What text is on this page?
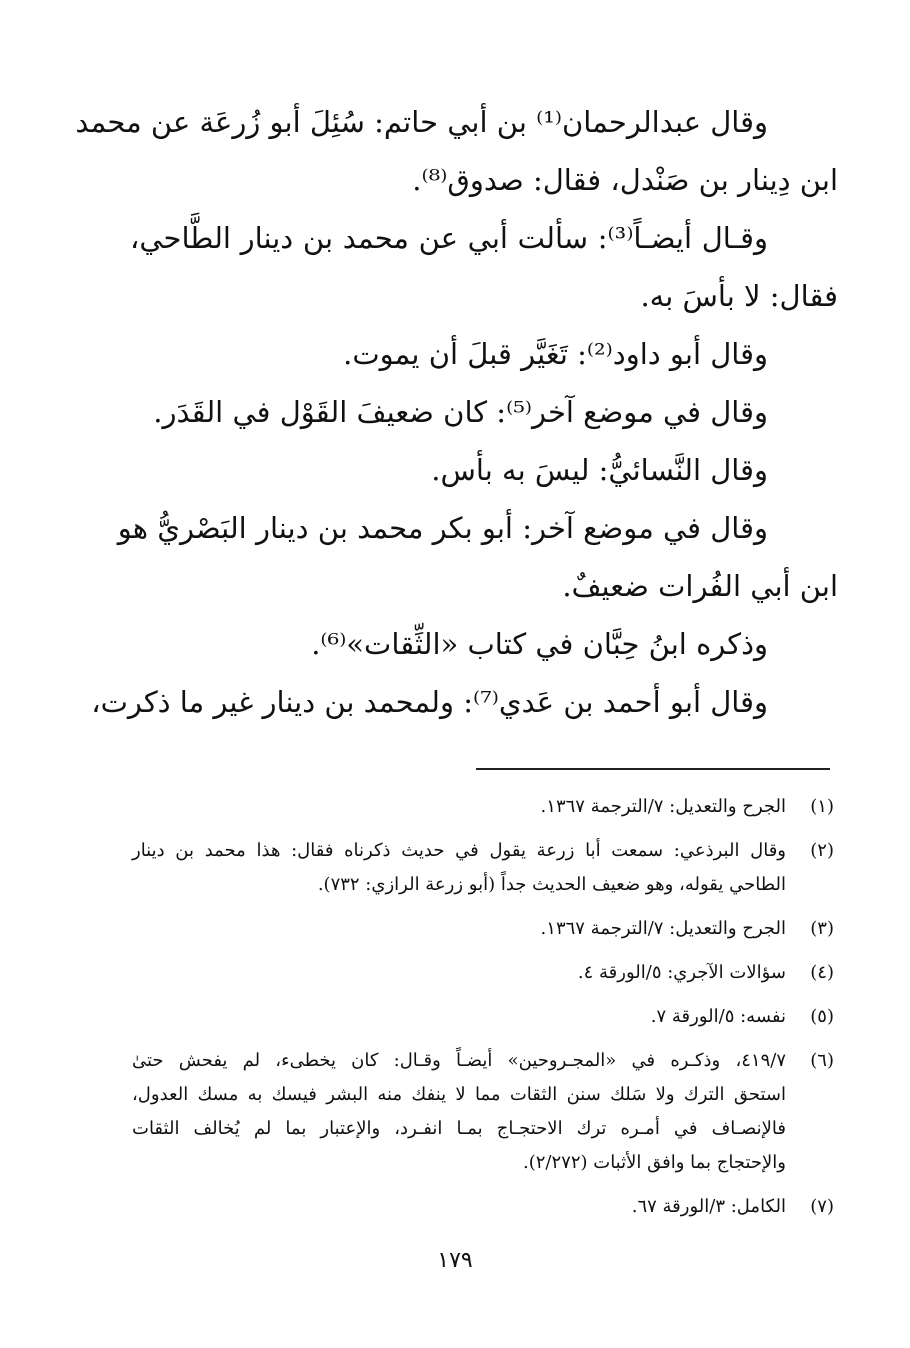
وقال عبدالرحمان⁽¹⁾ بن أبي حاتم: سُئِلَ أبو زُرعَة عن محمد
ابن دِينار بن صَنْدل، فقال: صدوق⁽⁸⁾.
وقـال أيضـاً⁽³⁾: سألت أبي عن محمد بن دينار الطَّاحي،
فقال: لا بأسَ به.
وقال أبو داود⁽²⁾: تَغَيَّر قبلَ أن يموت.
وقال في موضع آخر⁽⁵⁾: كان ضعيفَ القَوْل في القَدَر.
وقال النَّسائيُّ: ليسَ به بأس.
وقال في موضع آخر: أبو بكر محمد بن دينار البَصْريُّ هو
ابن أبي الفُرات ضعيفٌ.
وذكره ابنُ حِبَّان في كتاب «الثِّقات»⁽⁶⁾.
وقال أبو أحمد بن عَدي⁽⁷⁾: ولمحمد بن دينار غير ما ذكرت،
(١)
الجرح والتعديل: ٧/الترجمة ١٣٦٧.
(٢)
وقال البرذعي: سمعت أبا زرعة يقول في حديث ذكرناه فقال: هذا محمد بن دينار
الطاحي يقوله، وهو ضعيف الحديث جداً (أبو زرعة الرازي: ٧٣٢).
(٣)
الجرح والتعديل: ٧/الترجمة ١٣٦٧.
(٤)
سؤالات الآجري: ٥/الورقة ٤.
(٥)
نفسه: ٥/الورقة ٧.
(٦)
٤١٩/٧، وذكـره في «المجـروحين» أيضـاً وقـال: كان يخطىء، لم يفحش حتىٰ
استحق الترك ولا سَلك سنن الثقات مما لا ينفك منه البشر فيسك به مسك العدول،
فالإنصـاف في أمـره ترك الاحتجـاج بمـا انفـرد، والإعتبار بما لم يُخالف الثقات
والإحتجاج بما وافق الأثبات (٢/٢٧٢).
(٧)
الكامل: ٣/الورقة ٦٧.
١٧٩
